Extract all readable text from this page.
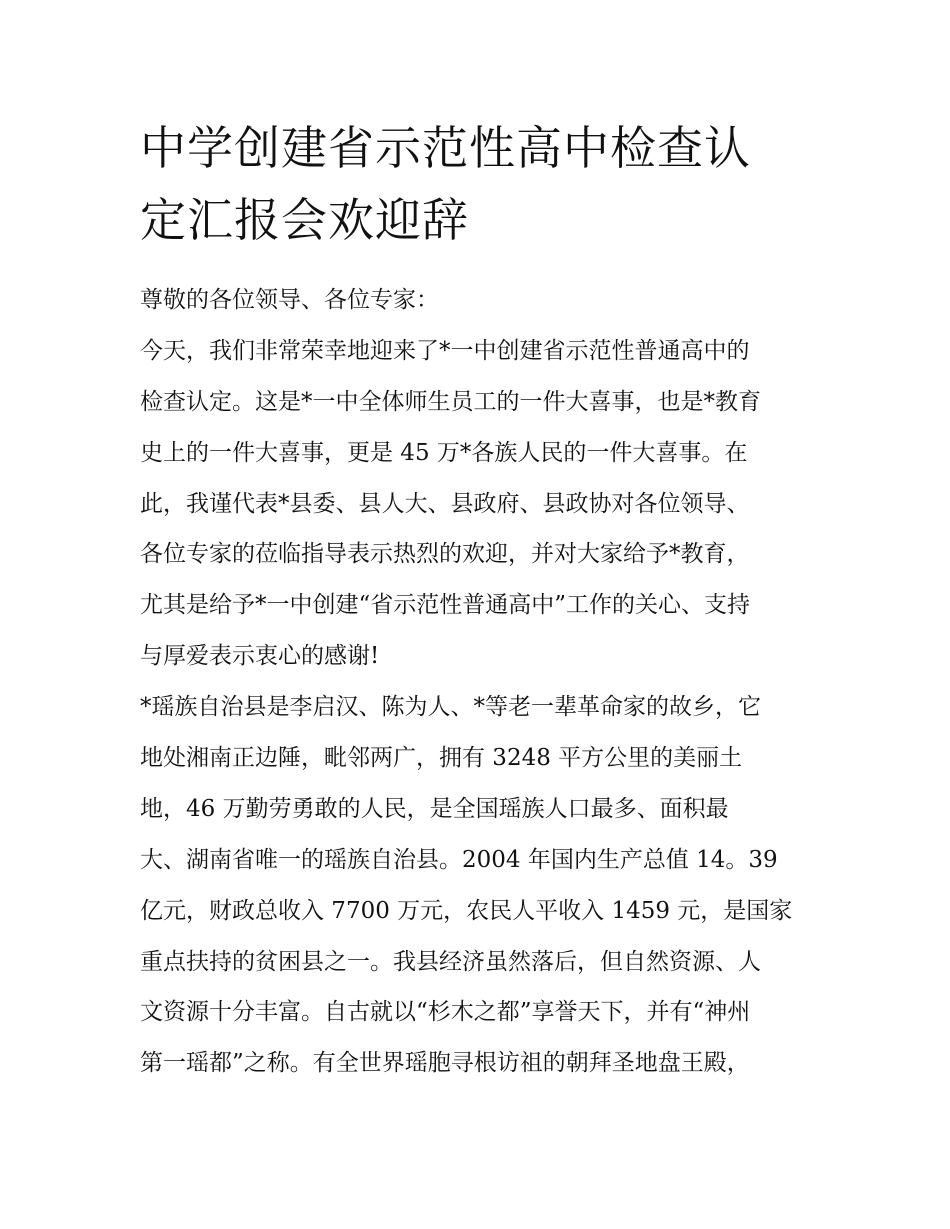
中学创建省示范性高中检查认
定汇报会欢迎辞
尊敬的各位领导、各位专家：
今天，我们非常荣幸地迎来了*一中创建省示范性普通高中的
检查认定。这是*一中全体师生员工的一件大喜事，也是*教育
史上的一件大喜事，更是 45 万*各族人民的一件大喜事。在
此，我谨代表*县委、县人大、县政府、县政协对各位领导、
各位专家的莅临指导表示热烈的欢迎，并对大家给予*教育，
尤其是给予*一中创建“省示范性普通高中”工作的关心、支持
与厚爱表示衷心的感谢!
*瑶族自治县是李启汉、陈为人、*等老一辈革命家的故乡，它
地处湘南正边陲，毗邻两广，拥有 3248 平方公里的美丽土
地，46 万勤劳勇敢的人民，是全国瑶族人口最多、面积最
大、湖南省唯一的瑶族自治县。2004 年国内生产总值 14。39
亿元，财政总收入 7700 万元，农民人平收入 1459 元，是国家
重点扶持的贫困县之一。我县经济虽然落后，但自然资源、人
文资源十分丰富。自古就以“杉木之都”享誉天下，并有“神州
第一瑶都”之称。有全世界瑶胞寻根访祖的朝拜圣地盘王殿，
